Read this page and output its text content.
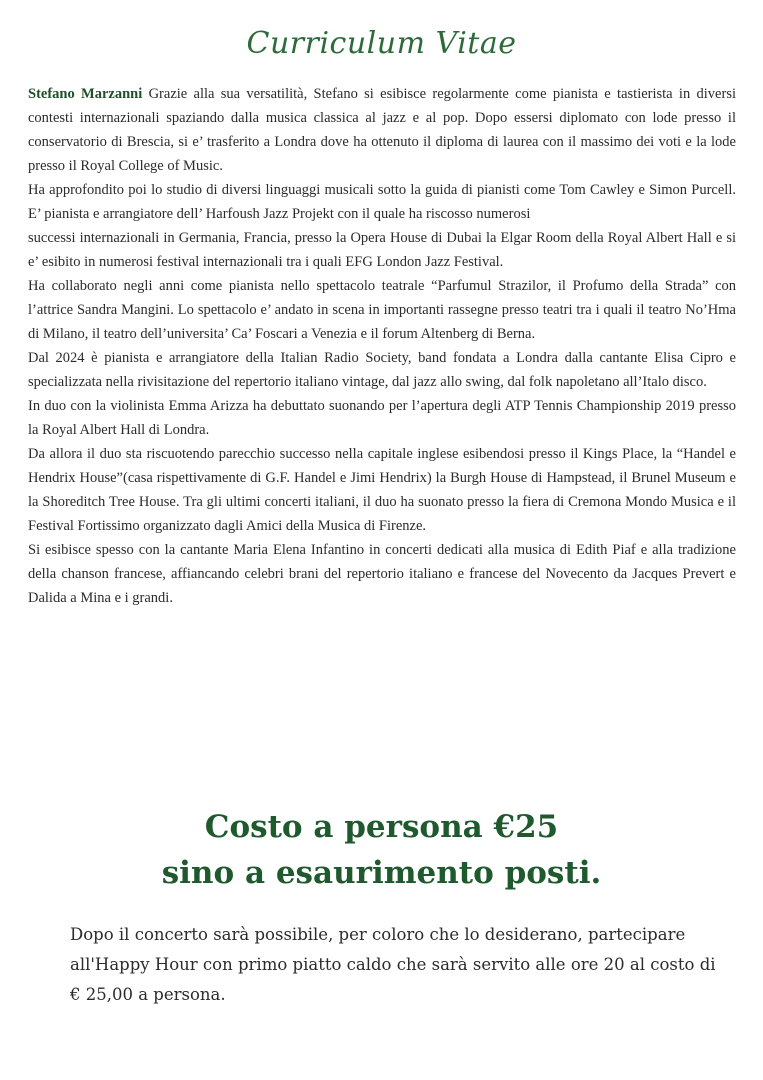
Curriculum Vitae

Stefano Marzanni Grazie alla sua versatilità, Stefano si esibisce regolarmente come pianista e tastierista in diversi contesti internazionali spaziando dalla musica classica al jazz e al pop. Dopo essersi diplomato con lode presso il conservatorio di Brescia, si e’ trasferito a Londra dove ha ottenuto il diploma di laurea con il massimo dei voti e la lode presso il Royal College of Music.

Ha approfondito poi lo studio di diversi linguaggi musicali sotto la guida di pianisti come Tom Cawley e Simon Purcell. E’ pianista e arrangiatore dell’ Harfoush Jazz Projekt con il quale ha riscosso numerosi

successi internazionali in Germania, Francia, presso la Opera House di Dubai la Elgar Room della Royal Albert Hall e si e’ esibito in numerosi festival internazionali tra i quali EFG London Jazz Festival.

Ha collaborato negli anni come pianista nello spettacolo teatrale “Parfumul Strazilor, il Profumo della Strada” con l’attrice Sandra Mangini. Lo spettacolo e’ andato in scena in importanti rassegne presso teatri tra i quali il teatro No’Hma di Milano, il teatro dell’universita’ Ca’ Foscari a Venezia e il forum Altenberg di Berna.

Dal 2024 è pianista e arrangiatore della Italian Radio Society, band fondata a Londra dalla cantante Elisa Cipro e specializzata nella rivisitazione del repertorio italiano vintage, dal jazz allo swing, dal folk napoletano all’Italo disco.

In duo con la violinista Emma Arizza ha debuttato suonando per l’apertura degli ATP Tennis Championship 2019 presso la Royal Albert Hall di Londra.

Da allora il duo sta riscuotendo parecchio successo nella capitale inglese esibendosi presso il Kings Place, la “Handel e Hendrix House”(casa rispettivamente di G.F. Handel e Jimi Hendrix) la Burgh House di Hampstead, il Brunel Museum e la Shoreditch Tree House. Tra gli ultimi concerti italiani, il duo ha suonato presso la fiera di Cremona Mondo Musica e il Festival Fortissimo organizzato dagli Amici della Musica di Firenze.

Si esibisce spesso con la cantante Maria Elena Infantino in concerti dedicati alla musica di Edith Piaf e alla tradizione della chanson francese, affiancando celebri brani del repertorio italiano e francese del Novecento da Jacques Prevert e Dalida a Mina e i grandi.

Costo a persona €25
sino a esaurimento posti.
Dopo il concerto sarà possibile, per coloro che lo desiderano, partecipare all'Happy Hour con primo piatto caldo che sarà servito alle ore 20 al costo di € 25,00 a persona.
